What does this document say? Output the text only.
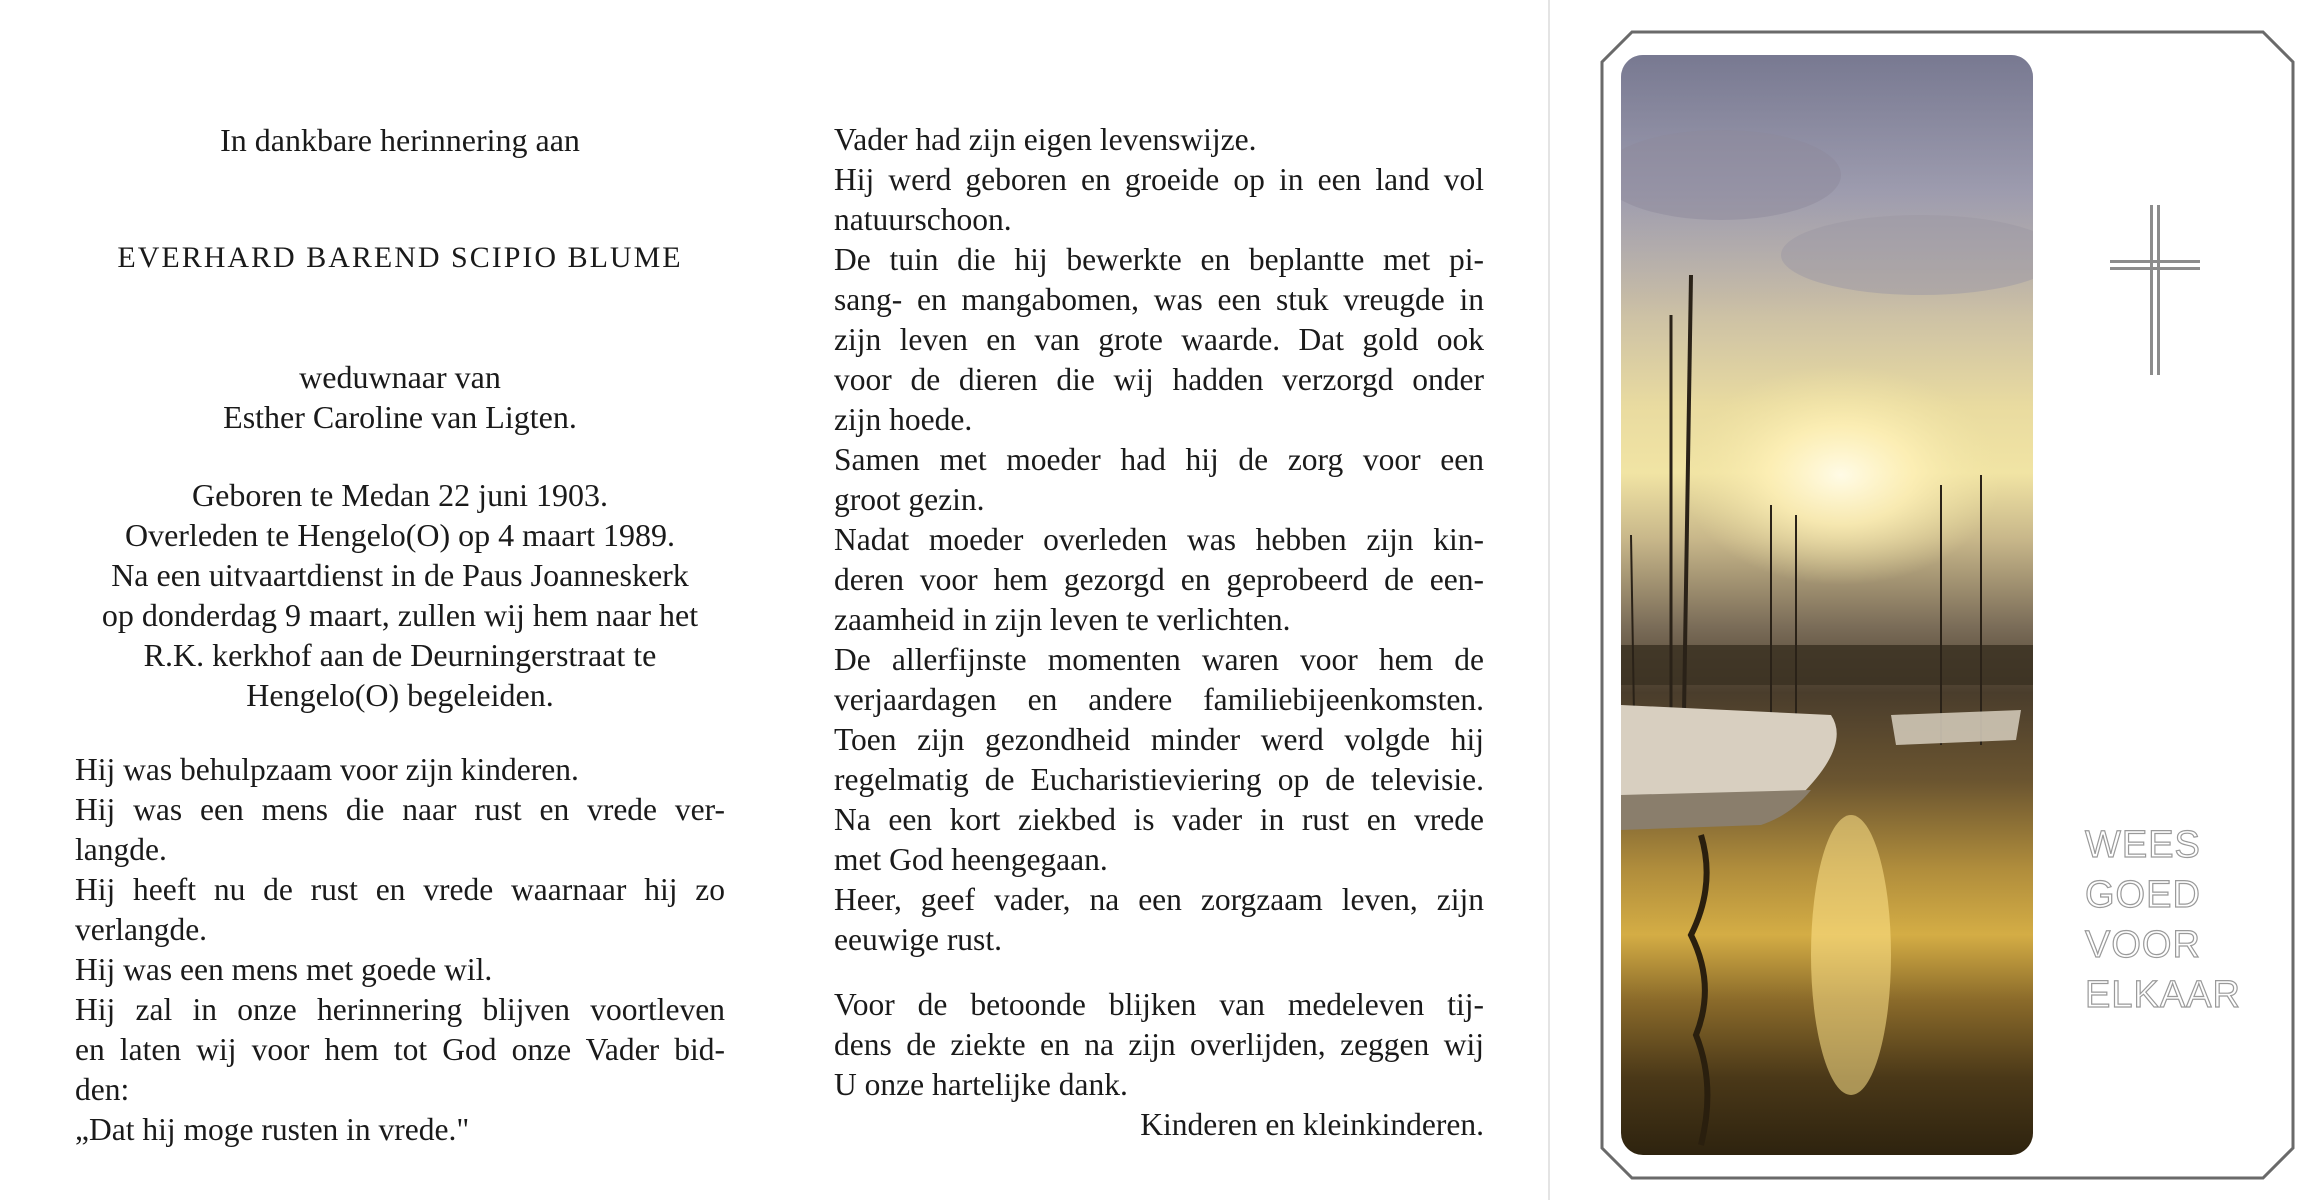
In dankbare herinnering aan

EVERHARD BAREND SCIPIO BLUME

weduwnaar van

Esther Caroline van Ligten.

Geboren te Medan 22 juni 1903.

Overleden te Hengelo(O) op 4 maart 1989.

Na een uitvaartdienst in de Paus Joanneskerk

op donderdag 9 maart, zullen wij hem naar het

R.K. kerkhof aan de Deurningerstraat te

Hengelo(O) begeleiden.

Hij was behulpzaam voor zijn kinderen.

Hij was een mens die naar rust en vrede ver-

langde.

Hij heeft nu de rust en vrede waarnaar hij zo

verlangde.

Hij was een mens met goede wil.

Hij zal in onze herinnering blijven voortleven

en laten wij voor hem tot God onze Vader bid-

den:

„Dat hij moge rusten in vrede."

Vader had zijn eigen levenswijze.

Hij werd geboren en groeide op in een land vol

natuurschoon.

De tuin die hij bewerkte en beplantte met pi-

sang- en mangabomen, was een stuk vreugde in

zijn leven en van grote waarde. Dat gold ook

voor de dieren die wij hadden verzorgd onder

zijn hoede.

Samen met moeder had hij de zorg voor een

groot gezin.

Nadat moeder overleden was hebben zijn kin-

deren voor hem gezorgd en geprobeerd de een-

zaamheid in zijn leven te verlichten.

De allerfijnste momenten waren voor hem de

verjaardagen en andere familiebijeenkomsten.

Toen zijn gezondheid minder werd volgde hij

regelmatig de Eucharistieviering op de televisie.

Na een kort ziekbed is vader in rust en vrede

met God heengegaan.

Heer, geef vader, na een zorgzaam leven, zijn

eeuwige rust.

Voor de betoonde blijken van medeleven tij-

dens de ziekte en na zijn overlijden, zeggen wij

U onze hartelijke dank.

Kinderen en kleinkinderen.

WEES

GOED

VOOR

ELKAAR
